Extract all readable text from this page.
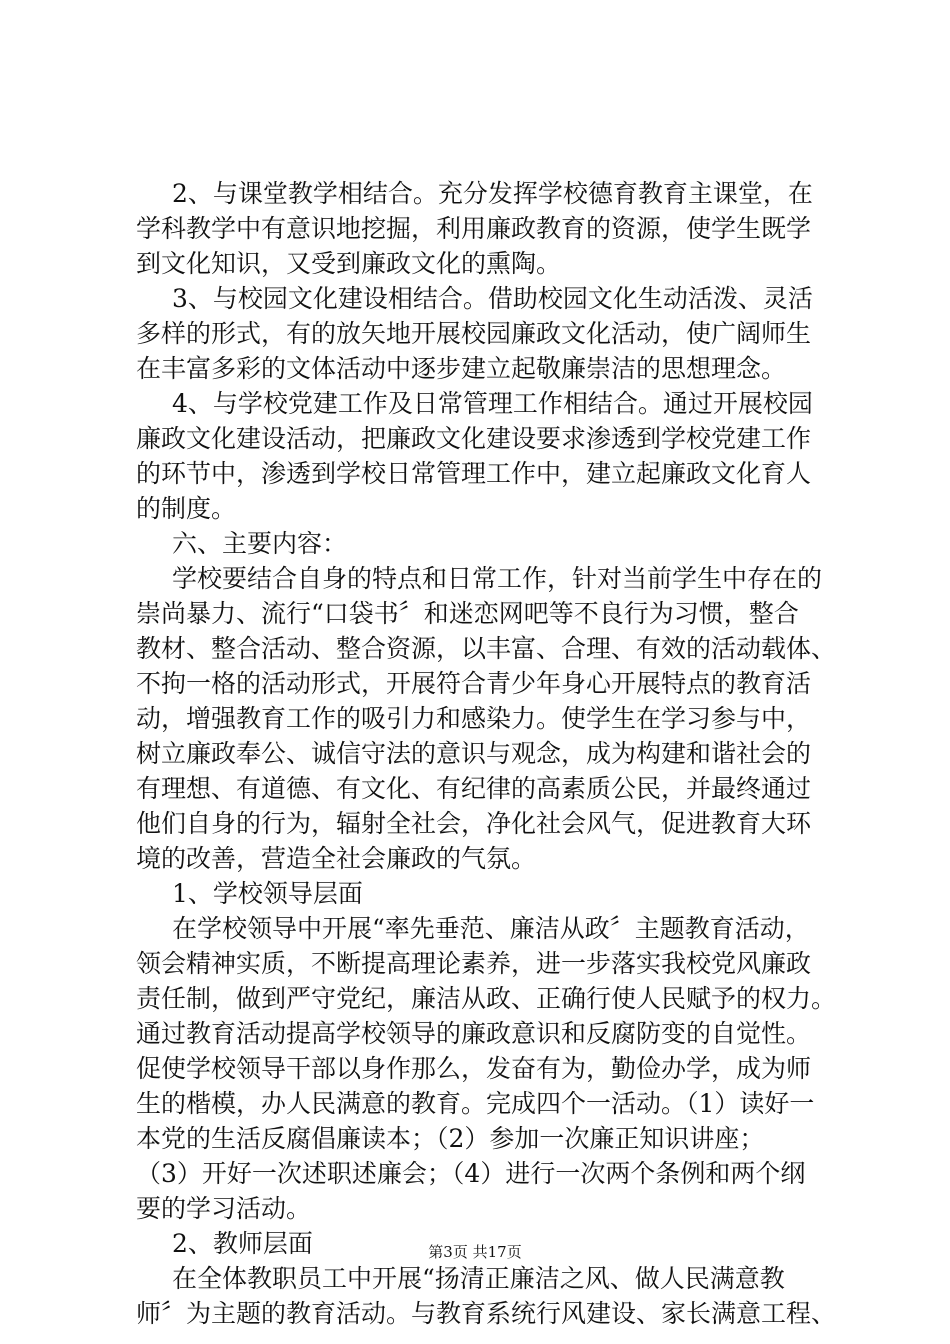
2、与课堂教学相结合。充分发挥学校德育教育主课堂，在
学科教学中有意识地挖掘，利用廉政教育的资源，使学生既学
到文化知识，又受到廉政文化的熏陶。
3、与校园文化建设相结合。借助校园文化生动活泼、灵活
多样的形式，有的放矢地开展校园廉政文化活动，使广阔师生
在丰富多彩的文体活动中逐步建立起敬廉崇洁的思想理念。
4、与学校党建工作及日常管理工作相结合。通过开展校园
廉政文化建设活动，把廉政文化建设要求渗透到学校党建工作
的环节中，渗透到学校日常管理工作中，建立起廉政文化育人
的制度。
六、主要内容：
学校要结合自身的特点和日常工作，针对当前学生中存在的
崇尚暴力、流行“口袋书〞和迷恋网吧等不良行为习惯，整合
教材、整合活动、整合资源，以丰富、合理、有效的活动载体、
不拘一格的活动形式，开展符合青少年身心开展特点的教育活
动，增强教育工作的吸引力和感染力。使学生在学习参与中，
树立廉政奉公、诚信守法的意识与观念，成为构建和谐社会的
有理想、有道德、有文化、有纪律的高素质公民，并最终通过
他们自身的行为，辐射全社会，净化社会风气，促进教育大环
境的改善，营造全社会廉政的气氛。
1、学校领导层面
在学校领导中开展“率先垂范、廉洁从政〞主题教育活动，
领会精神实质，不断提高理论素养，进一步落实我校党风廉政
责任制，做到严守党纪，廉洁从政、正确行使人民赋予的权力。
通过教育活动提高学校领导的廉政意识和反腐防变的自觉性。
促使学校领导干部以身作那么，发奋有为，勤俭办学，成为师
生的楷模，办人民满意的教育。完成四个一活动。（1）读好一
本党的生活反腐倡廉读本；（2）参加一次廉正知识讲座；
（3）开好一次述职述廉会；（4）进行一次两个条例和两个纲
要的学习活动。
2、教师层面
在全体教职员工中开展“扬清正廉洁之风、做人民满意教
师〞为主题的教育活动。与教育系统行风建设、家长满意工程、
第3页 共17页
